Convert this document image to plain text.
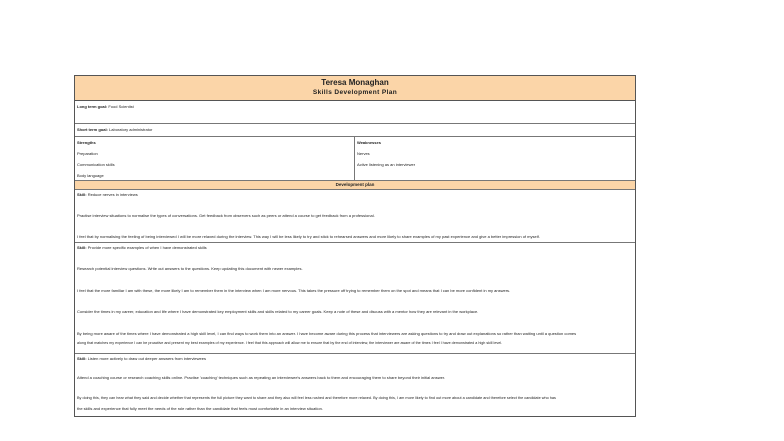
Teresa Monaghan
Skills Development Plan
Long term goal: Food Scientist
Short term goal: Laboratory administrator
Strengths
Preparation
Communication skills
Body language
Weaknesses
Nerves
Active listening as an interviewer
Development plan
Skill: Reduce nerves in interviews
Practise interview situations to normalise the types of conversations. Get feedback from observers such as peers or attend a course to get feedback from a professional.
I feel that by normalising the feeling of being interviewed I will be more relaxed during the interview. This way I will be less likely to try and stick to rehearsed answers and more likely to share examples of my past experience and give a better impression of myself.
Skill: Provide more specific examples of when I have demonstrated skills
Research potential interview questions. Write out answers to the questions. Keep updating this document with newer examples.
I feel that the more familiar I am with these, the more likely I am to remember them in the interview when I am more nervous. This takes the pressure off trying to remember them on the spot and means that I can be more confident in my answers.
Consider the times in my career, education and life where I have demonstrated key employment skills and skills related to my career goals. Keep a note of these and discuss with a mentor how they are relevant in the workplace.
By being more aware of the times where I have demonstrated a high skill level, I can find ways to work them into an answer. I have become aware during this process that interviewers are asking questions to try and draw out explanations so rather than waiting until a question comes
along that matches my experience I can be proactive and present my best examples of my experience. I feel that this approach will allow me to ensure that by the end of interview, the interviewer are aware of the times I feel I have demonstrated a high skill level.
Skill: Listen more actively to draw out deeper answers from interviewees
Attend a coaching course or research coaching skills online. Practise 'coaching' techniques such as repeating an interviewee's answers back to them and encouraging them to share beyond their initial answer.
By doing this, they can hear what they said and decide whether that represents the full picture they want to share and they also will feel less rushed and therefore more relaxed. By doing this, I am more likely to find out more about a candidate and therefore select the candidate who has
the skills and experience that fully meet the needs of the role rather than the candidate that feels most comfortable in an interview situation.
